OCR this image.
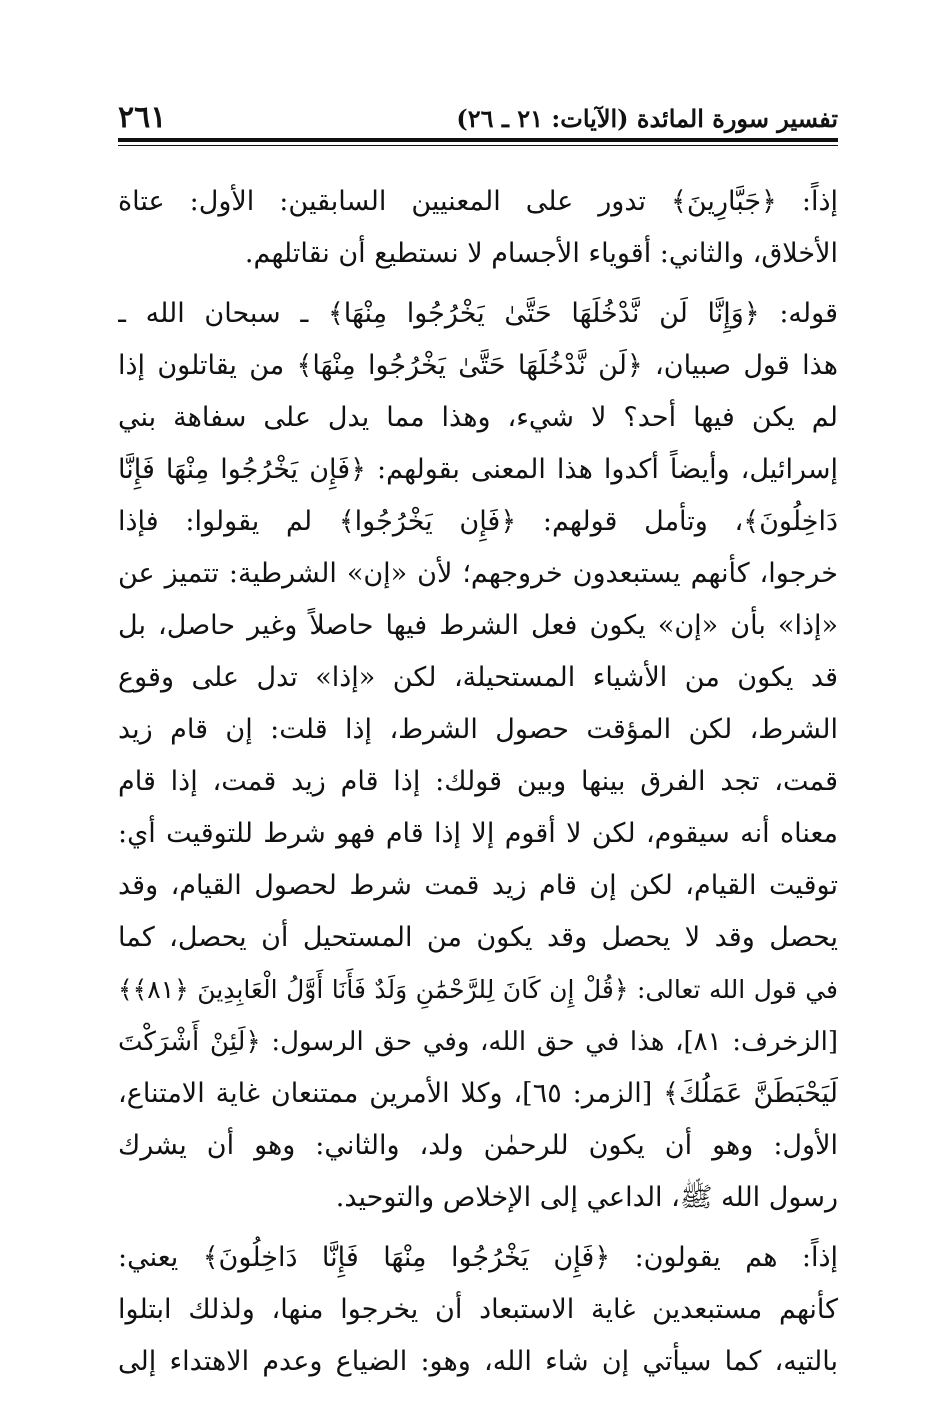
تفسير سورة المائدة (الآيات: ٢١ ـ ٢٦)
٢٦١
إذاً: ﴿جَبَّارِينَ﴾ تدور على المعنيين السابقين: الأول: عتاة
الأخلاق، والثاني: أقوياء الأجسام لا نستطيع أن نقاتلهم.
قوله: ﴿وَإِنَّا لَن نَّدْخُلَهَا حَتَّىٰ يَخْرُجُوا مِنْهَا﴾ ـ سبحان الله ـ
هذا قول صبيان، ﴿لَن نَّدْخُلَهَا حَتَّىٰ يَخْرُجُوا مِنْهَا﴾ من يقاتلون إذا
لم يكن فيها أحد؟ لا شيء، وهذا مما يدل على سفاهة بني
إسرائيل، وأيضاً أكدوا هذا المعنى بقولهم: ﴿فَإِن يَخْرُجُوا مِنْهَا فَإِنَّا
دَاخِلُونَ﴾، وتأمل قولهم: ﴿فَإِن يَخْرُجُوا﴾ لم يقولوا: فإذا
خرجوا، كأنهم يستبعدون خروجهم؛ لأن «إن» الشرطية: تتميز عن
«إذا» بأن «إن» يكون فعل الشرط فيها حاصلاً وغير حاصل، بل
قد يكون من الأشياء المستحيلة، لكن «إذا» تدل على وقوع
الشرط، لكن المؤقت حصول الشرط، إذا قلت: إن قام زيد
قمت، تجد الفرق بينها وبين قولك: إذا قام زيد قمت، إذا قام
معناه أنه سيقوم، لكن لا أقوم إلا إذا قام فهو شرط للتوقيت أي:
توقيت القيام، لكن إن قام زيد قمت شرط لحصول القيام، وقد
يحصل وقد لا يحصل وقد يكون من المستحيل أن يحصل، كما
في قول الله تعالى: ﴿قُلْ إِن كَانَ لِلرَّحْمَٰنِ وَلَدٌ فَأَنَا أَوَّلُ الْعَابِدِينَ ﴿٨١﴾﴾
[الزخرف: ٨١]، هذا في حق الله، وفي حق الرسول: ﴿لَئِنْ أَشْرَكْتَ
لَيَحْبَطَنَّ عَمَلُكَ﴾ [الزمر: ٦٥]، وكلا الأمرين ممتنعان غاية الامتناع،
الأول: وهو أن يكون للرحمٰن ولد، والثاني: وهو أن يشرك
رسول الله ﷺ، الداعي إلى الإخلاص والتوحيد.
إذاً: هم يقولون: ﴿فَإِن يَخْرُجُوا مِنْهَا فَإِنَّا دَاخِلُونَ﴾ يعني:
كأنهم مستبعدين غاية الاستبعاد أن يخرجوا منها، ولذلك ابتلوا
بالتيه، كما سيأتي إن شاء الله، وهو: الضياع وعدم الاهتداء إلى
